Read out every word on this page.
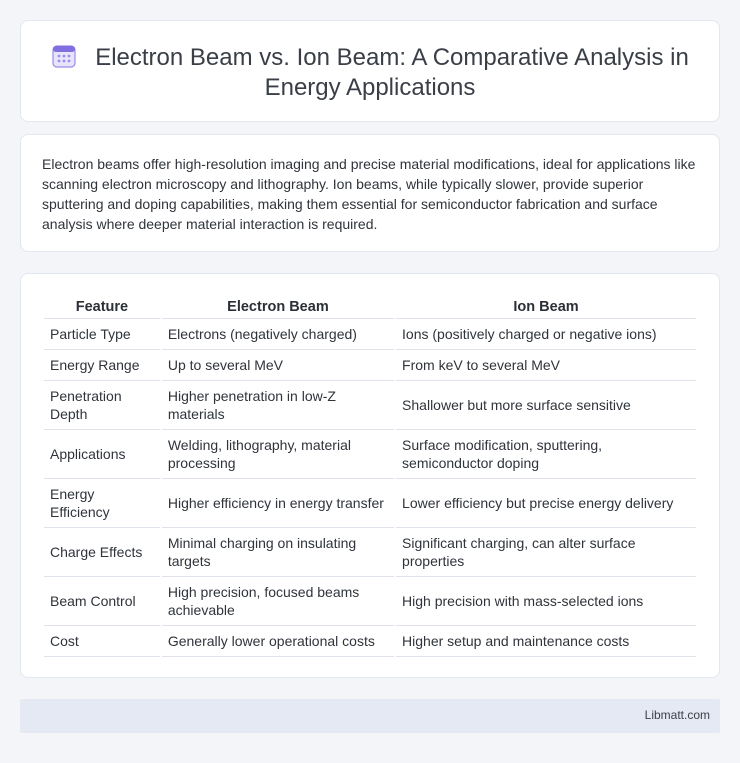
Electron Beam vs. Ion Beam: A Comparative Analysis in Energy Applications

Electron beams offer high-resolution imaging and precise material modifications, ideal for applications like scanning electron microscopy and lithography. Ion beams, while typically slower, provide superior sputtering and doping capabilities, making them essential for semiconductor fabrication and surface analysis where deeper material interaction is required.

Feature	Electron Beam	Ion Beam
Particle Type	Electrons (negatively charged)	Ions (positively charged or negative ions)
Energy Range	Up to several MeV	From keV to several MeV
Penetration Depth	Higher penetration in low-Z materials	Shallower but more surface sensitive
Applications	Welding, lithography, material processing	Surface modification, sputtering, semiconductor doping
Energy Efficiency	Higher efficiency in energy transfer	Lower efficiency but precise energy delivery
Charge Effects	Minimal charging on insulating targets	Significant charging, can alter surface properties
Beam Control	High precision, focused beams achievable	High precision with mass-selected ions
Cost	Generally lower operational costs	Higher setup and maintenance costs
Libmatt.com
